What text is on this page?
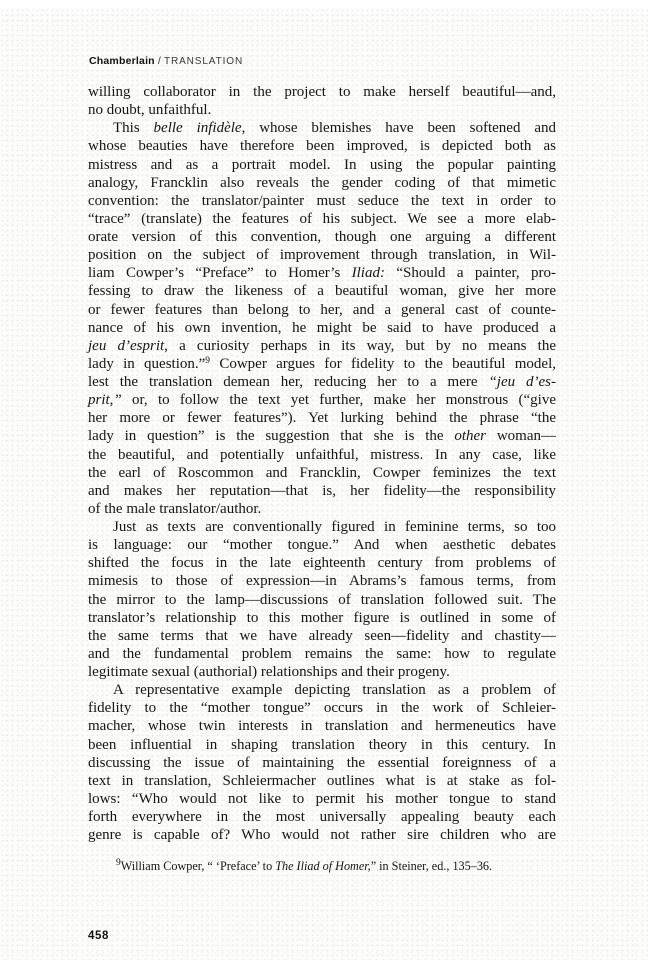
Chamberlain / TRANSLATION
willing collaborator in the project to make herself beautiful—and,
no doubt, unfaithful.
This belle infidèle, whose blemishes have been softened and
whose beauties have therefore been improved, is depicted both as
mistress and as a portrait model. In using the popular painting
analogy, Francklin also reveals the gender coding of that mimetic
convention: the translator/painter must seduce the text in order to
“trace” (translate) the features of his subject. We see a more elab-
orate version of this convention, though one arguing a different
position on the subject of improvement through translation, in Wil-
liam Cowper’s “Preface” to Homer’s Iliad: “Should a painter, pro-
fessing to draw the likeness of a beautiful woman, give her more
or fewer features than belong to her, and a general cast of counte-
nance of his own invention, he might be said to have produced a
jeu d’esprit, a curiosity perhaps in its way, but by no means the
lady in question.”$^9$ Cowper argues for fidelity to the beautiful model,
lest the translation demean her, reducing her to a mere “jeu d’es-
prit,” or, to follow the text yet further, make her monstrous (“give
her more or fewer features”). Yet lurking behind the phrase “the
lady in question” is the suggestion that she is the other woman—
the beautiful, and potentially unfaithful, mistress. In any case, like
the earl of Roscommon and Francklin, Cowper feminizes the text
and makes her reputation—that is, her fidelity—the responsibility
of the male translator/author.
Just as texts are conventionally figured in feminine terms, so too
is language: our “mother tongue.” And when aesthetic debates
shifted the focus in the late eighteenth century from problems of
mimesis to those of expression—in Abrams’s famous terms, from
the mirror to the lamp—discussions of translation followed suit. The
translator’s relationship to this mother figure is outlined in some of
the same terms that we have already seen—fidelity and chastity—
and the fundamental problem remains the same: how to regulate
legitimate sexual (authorial) relationships and their progeny.
A representative example depicting translation as a problem of
fidelity to the “mother tongue” occurs in the work of Schleier-
macher, whose twin interests in translation and hermeneutics have
been influential in shaping translation theory in this century. In
discussing the issue of maintaining the essential foreignness of a
text in translation, Schleiermacher outlines what is at stake as fol-
lows: “Who would not like to permit his mother tongue to stand
forth everywhere in the most universally appealing beauty each
genre is capable of? Who would not rather sire children who are
$^9$William Cowper, “ ‘Preface’ to The Iliad of Homer,” in Steiner, ed., 135–36.
458
